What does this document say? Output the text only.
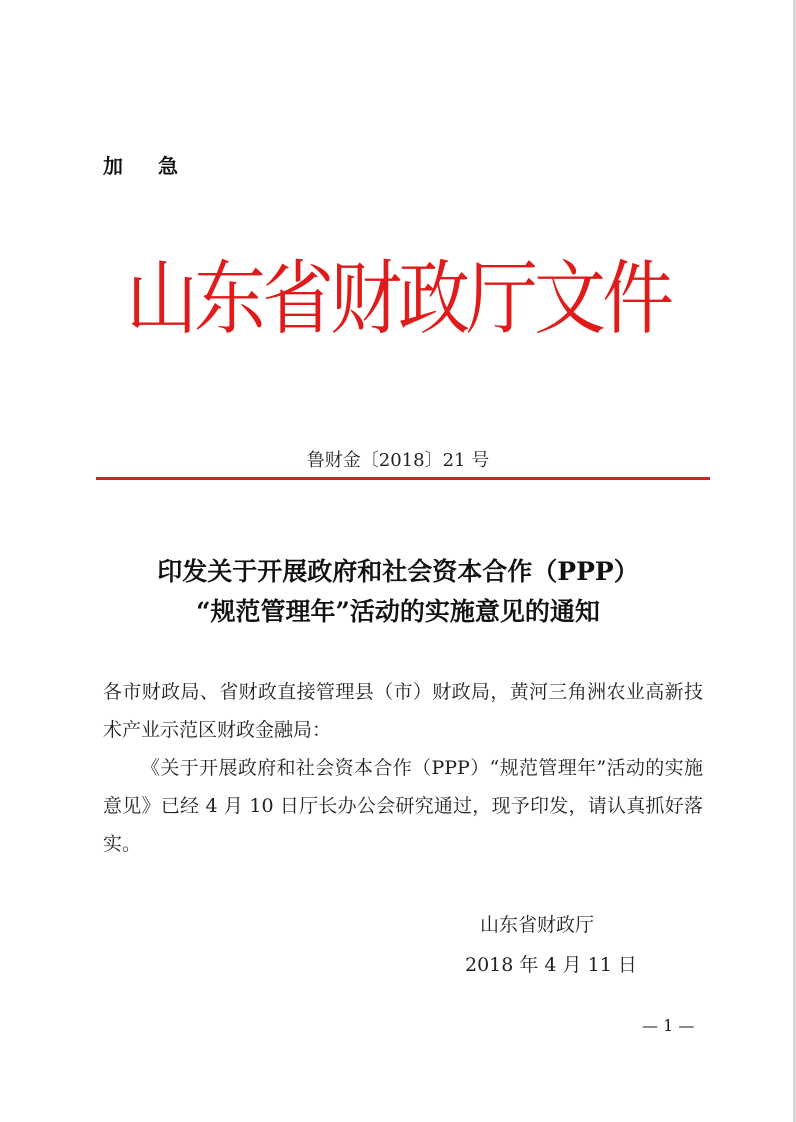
加 急
山东省财政厅文件
鲁财金〔2018〕21 号
印发关于开展政府和社会资本合作（PPP）
“规范管理年”活动的实施意见的通知

各市财政局、省财政直接管理县（市）财政局，黄河三角洲农业高新技术产业示范区财政金融局：

《关于开展政府和社会资本合作（PPP）“规范管理年”活动的实施意见》已经 4 月 10 日厅长办公会研究通过，现予印发，请认真抓好落实。

山东省财政厅
2018 年 4 月 11 日
— 1 —
